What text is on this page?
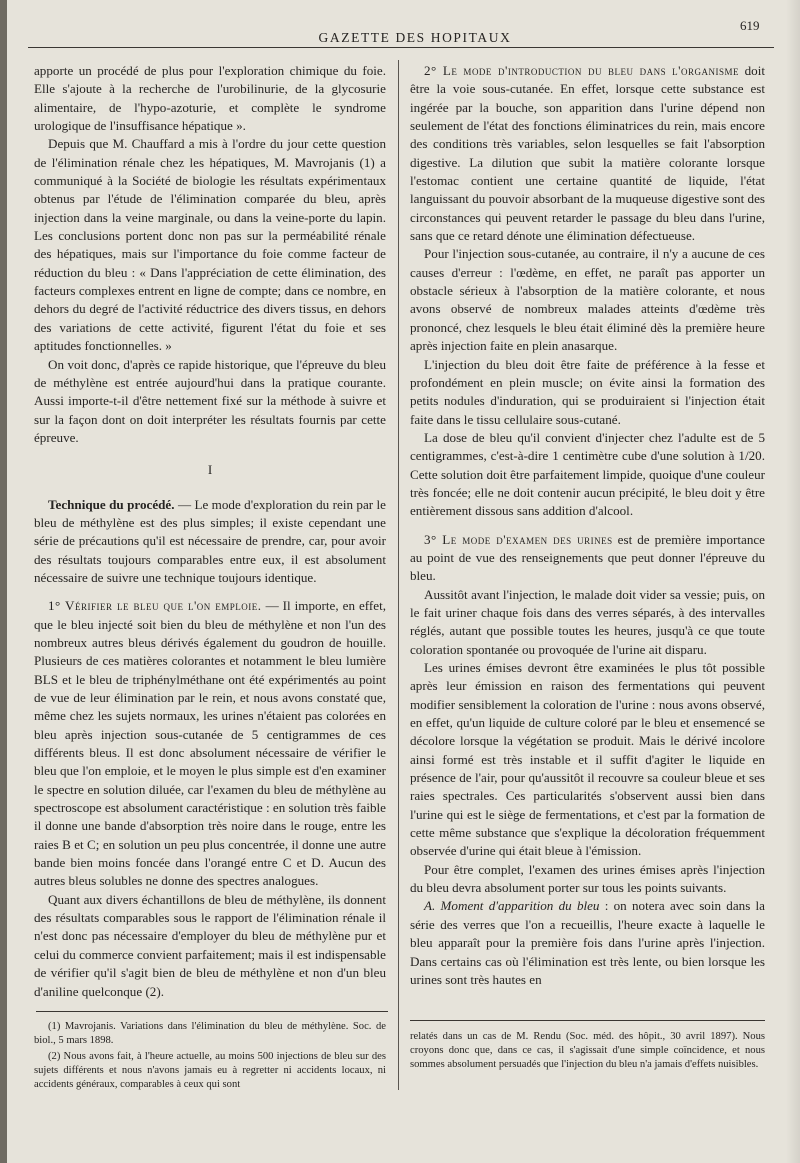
GAZETTE DES HOPITAUX
619

apporte un procédé de plus pour l'exploration chimique du foie. Elle s'ajoute à la recherche de l'urobilinurie, de la glycosurie alimentaire, de l'hypo-azoturie, et complète le syndrome urologique de l'insuffisance hépatique ».

Depuis que M. Chauffard a mis à l'ordre du jour cette question de l'élimination rénale chez les hépatiques, M. Mavrojanis (1) a communiqué à la Société de biologie les résultats expérimentaux obtenus par l'étude de l'élimination comparée du bleu, après injection dans la veine marginale, ou dans la veine-porte du lapin. Les conclusions portent donc non pas sur la perméabilité rénale des hépatiques, mais sur l'importance du foie comme facteur de réduction du bleu : « Dans l'appréciation de cette élimination, des facteurs complexes entrent en ligne de compte; dans ce nombre, en dehors du degré de l'activité réductrice des divers tissus, en dehors des variations de cette activité, figurent l'état du foie et ses aptitudes fonctionnelles. »

On voit donc, d'après ce rapide historique, que l'épreuve du bleu de méthylène est entrée aujourd'hui dans la pratique courante. Aussi importe-t-il d'être nettement fixé sur la méthode à suivre et sur la façon dont on doit interpréter les résultats fournis par cette épreuve.

I

Technique du procédé. — Le mode d'exploration du rein par le bleu de méthylène est des plus simples; il existe cependant une série de précautions qu'il est nécessaire de prendre, car, pour avoir des résultats toujours comparables entre eux, il est absolument nécessaire de suivre une technique toujours identique.

1° Vérifier le bleu que l'on emploie. — Il importe, en effet, que le bleu injecté soit bien du bleu de méthylène et non l'un des nombreux autres bleus dérivés également du goudron de houille. Plusieurs de ces matières colorantes et notamment le bleu lumière BLS et le bleu de triphénylméthane ont été expérimentés au point de vue de leur élimination par le rein, et nous avons constaté que, même chez les sujets normaux, les urines n'étaient pas colorées en bleu après injection sous-cutanée de 5 centigrammes de ces différents bleus. Il est donc absolument nécessaire de vérifier le bleu que l'on emploie, et le moyen le plus simple est d'en examiner le spectre en solution diluée, car l'examen du bleu de méthylène au spectroscope est absolument caractéristique : en solution très faible il donne une bande d'absorption très noire dans le rouge, entre les raies B et C; en solution un peu plus concentrée, il donne une autre bande bien moins foncée dans l'orangé entre C et D. Aucun des autres bleus solubles ne donne des spectres analogues.

Quant aux divers échantillons de bleu de méthylène, ils donnent des résultats comparables sous le rapport de l'élimination rénale il n'est donc pas nécessaire d'employer du bleu de méthylène pur et celui du commerce convient parfaitement; mais il est indispensable de vérifier qu'il s'agit bien de bleu de méthylène et non d'un bleu d'aniline quelconque (2).

(1) Mavrojanis. Variations dans l'élimination du bleu de méthylène. Soc. de biol., 5 mars 1898.

(2) Nous avons fait, à l'heure actuelle, au moins 500 injections de bleu sur des sujets différents et nous n'avons jamais eu à regretter ni accidents locaux, ni accidents généraux, comparables à ceux qui sont

2° Le mode d'introduction du bleu dans l'organisme doit être la voie sous-cutanée. En effet, lorsque cette substance est ingérée par la bouche, son apparition dans l'urine dépend non seulement de l'état des fonctions éliminatrices du rein, mais encore des conditions très variables, selon lesquelles se fait l'absorption digestive. La dilution que subit la matière colorante lorsque l'estomac contient une certaine quantité de liquide, l'état languissant du pouvoir absorbant de la muqueuse digestive sont des circonstances qui peuvent retarder le passage du bleu dans l'urine, sans que ce retard dénote une élimination défectueuse.

Pour l'injection sous-cutanée, au contraire, il n'y a aucune de ces causes d'erreur : l'œdème, en effet, ne paraît pas apporter un obstacle sérieux à l'absorption de la matière colorante, et nous avons observé de nombreux malades atteints d'œdème très prononcé, chez lesquels le bleu était éliminé dès la première heure après injection faite en plein anasarque.

L'injection du bleu doit être faite de préférence à la fesse et profondément en plein muscle; on évite ainsi la formation des petits nodules d'induration, qui se produiraient si l'injection était faite dans le tissu cellulaire sous-cutané.

La dose de bleu qu'il convient d'injecter chez l'adulte est de 5 centigrammes, c'est-à-dire 1 centimètre cube d'une solution à 1/20. Cette solution doit être parfaitement limpide, quoique d'une couleur très foncée; elle ne doit contenir aucun précipité, le bleu doit y être entièrement dissous sans addition d'alcool.

3° Le mode d'examen des urines est de première importance au point de vue des renseignements que peut donner l'épreuve du bleu.

Aussitôt avant l'injection, le malade doit vider sa vessie; puis, on le fait uriner chaque fois dans des verres séparés, à des intervalles réglés, autant que possible toutes les heures, jusqu'à ce que toute coloration spontanée ou provoquée de l'urine ait disparu.

Les urines émises devront être examinées le plus tôt possible après leur émission en raison des fermentations qui peuvent modifier sensiblement la coloration de l'urine : nous avons observé, en effet, qu'un liquide de culture coloré par le bleu et ensemencé se décolore lorsque la végétation se produit. Mais le dérivé incolore ainsi formé est très instable et il suffit d'agiter le liquide en présence de l'air, pour qu'aussitôt il recouvre sa couleur bleue et ses raies spectrales. Ces particularités s'observent aussi bien dans l'urine qui est le siège de fermentations, et c'est par la formation de cette même substance que s'explique la décoloration fréquemment observée d'urine qui était bleue à l'émission.

Pour être complet, l'examen des urines émises après l'injection du bleu devra absolument porter sur tous les points suivants.

A. Moment d'apparition du bleu : on notera avec soin dans la série des verres que l'on a recueillis, l'heure exacte à laquelle le bleu apparaît pour la première fois dans l'urine après l'injection. Dans certains cas où l'élimination est très lente, ou bien lorsque les urines sont très hautes en

relatés dans un cas de M. Rendu (Soc. méd. des hôpit., 30 avril 1897). Nous croyons donc que, dans ce cas, il s'agissait d'une simple coïncidence, et nous sommes absolument persuadés que l'injection du bleu n'a jamais d'effets nuisibles.
